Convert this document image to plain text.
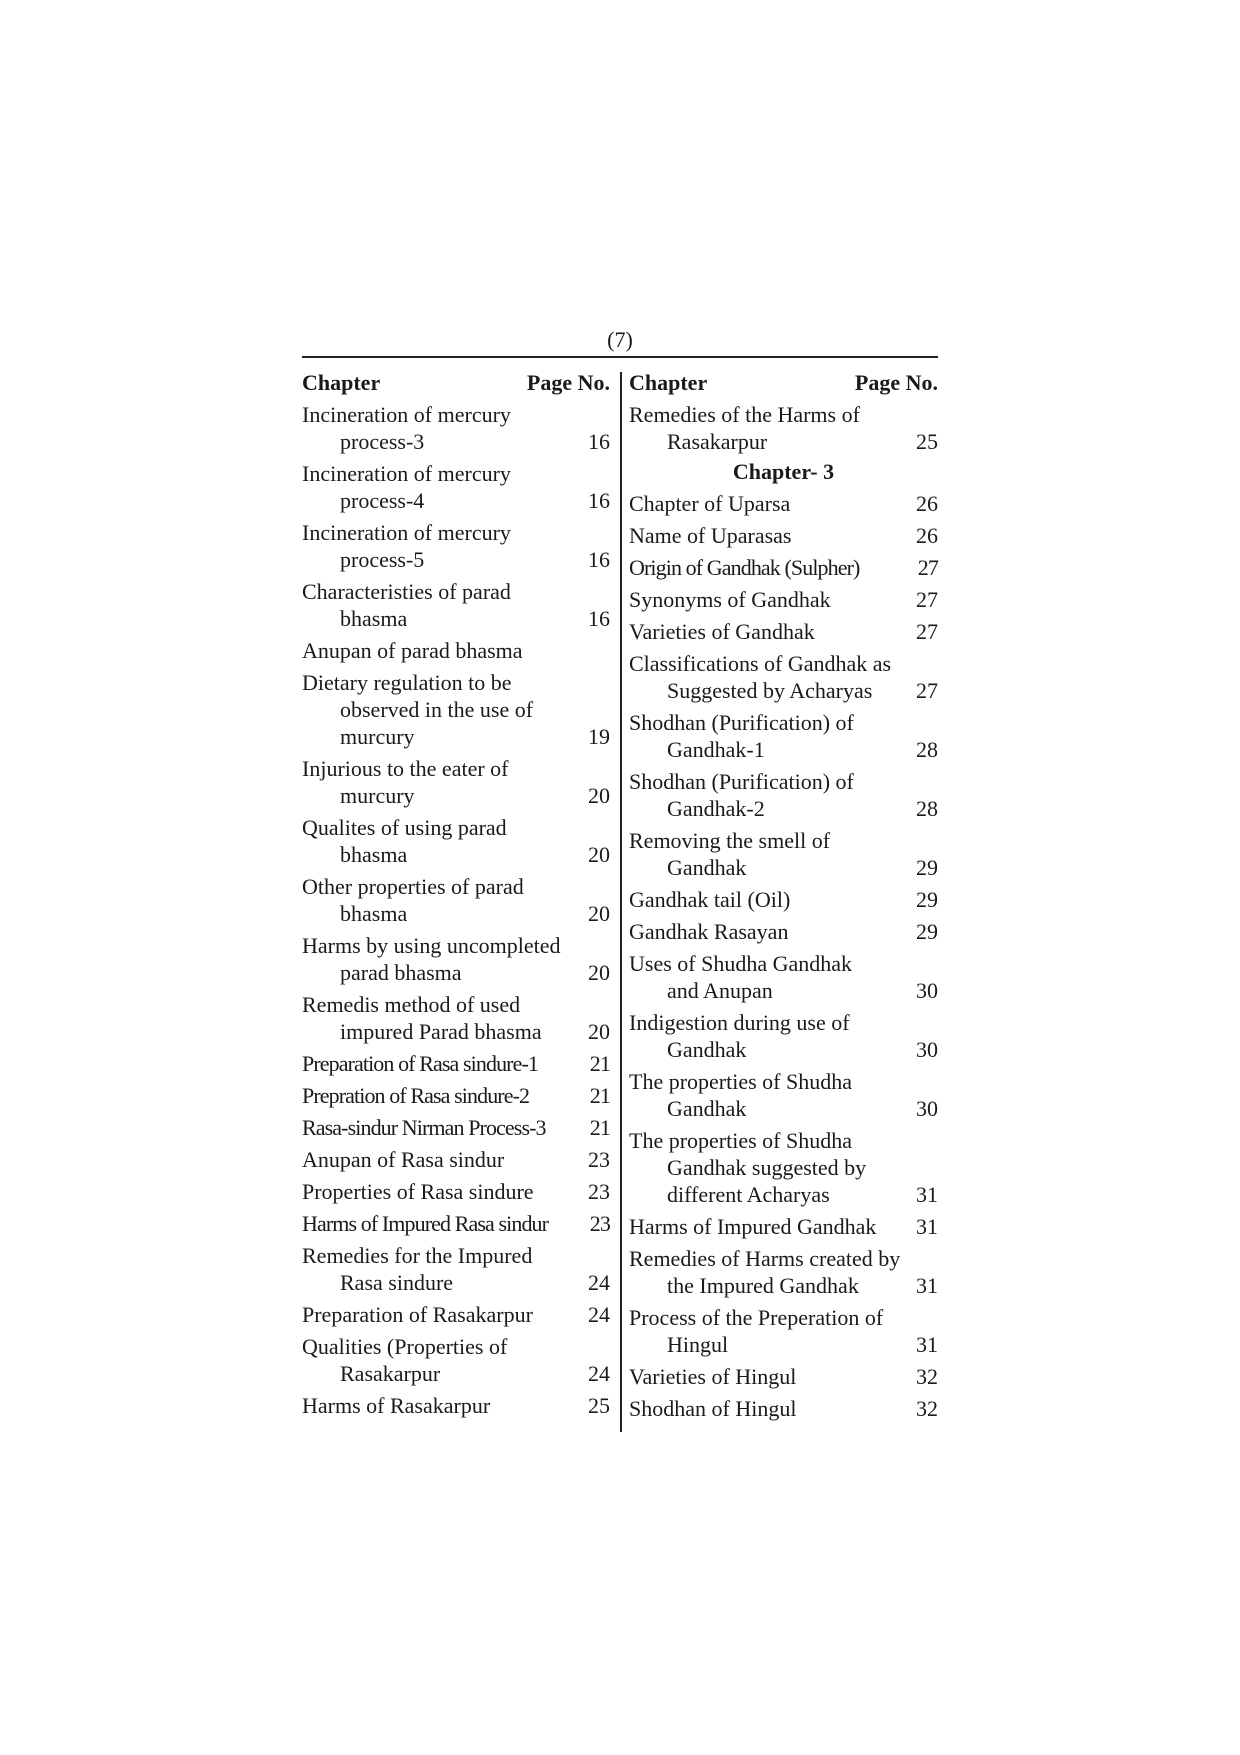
(7)
Chapter	Page No.
Incineration of mercury
process-3	16
Incineration of mercury
process-4	16
Incineration of mercury
process-5	16
Characteristies of parad
bhasma	16
Anupan of parad bhasma
Dietary regulation to be
observed in the use of
murcury	19
Injurious to the eater of
murcury	20
Qualites of using parad
bhasma	20
Other properties of parad
bhasma	20
Harms by using uncompleted
parad bhasma	20
Remedis method of used
impured Parad bhasma 20
Preparation of Rasa sindure-1 21
Prepration of Rasa sindure-2	21
Rasa-sindur Nirman Process-3 21
Anupan of Rasa sindur	23
Properties of Rasa sindure 23
Harms of Impured Rasa sindur 23
Remedies for the Impured
Rasa sindure	24
Preparation of Rasakarpur	24
Qualities (Properties of
Rasakarpur	24
Harms of Rasakarpur	25
Chapter	Page No.
Remedies of the Harms of
Rasakarpur	25
Chapter- 3
Chapter of Uparsa	26
Name of Uparasas	26
Origin of Gandhak (Sulpher)	27
Synonyms of Gandhak	27
Varieties of Gandhak	27
Classifications of Gandhak as
Suggested by Acharyas 27
Shodhan (Purification) of
Gandhak-1	28
Shodhan (Purification) of
Gandhak-2	28
Removing the smell of
Gandhak	29
Gandhak tail (Oil)	29
Gandhak Rasayan	29
Uses of Shudha Gandhak
and Anupan	30
Indigestion during use of
Gandhak	30
The properties of Shudha
Gandhak	30
The properties of Shudha
Gandhak suggested by
different Acharyas	31
Harms of Impured Gandhak 31
Remedies of Harms created by
the Impured Gandhak	31
Process of the Preperation of
Hingul	31
Varieties of Hingul	32
Shodhan of Hingul	32
